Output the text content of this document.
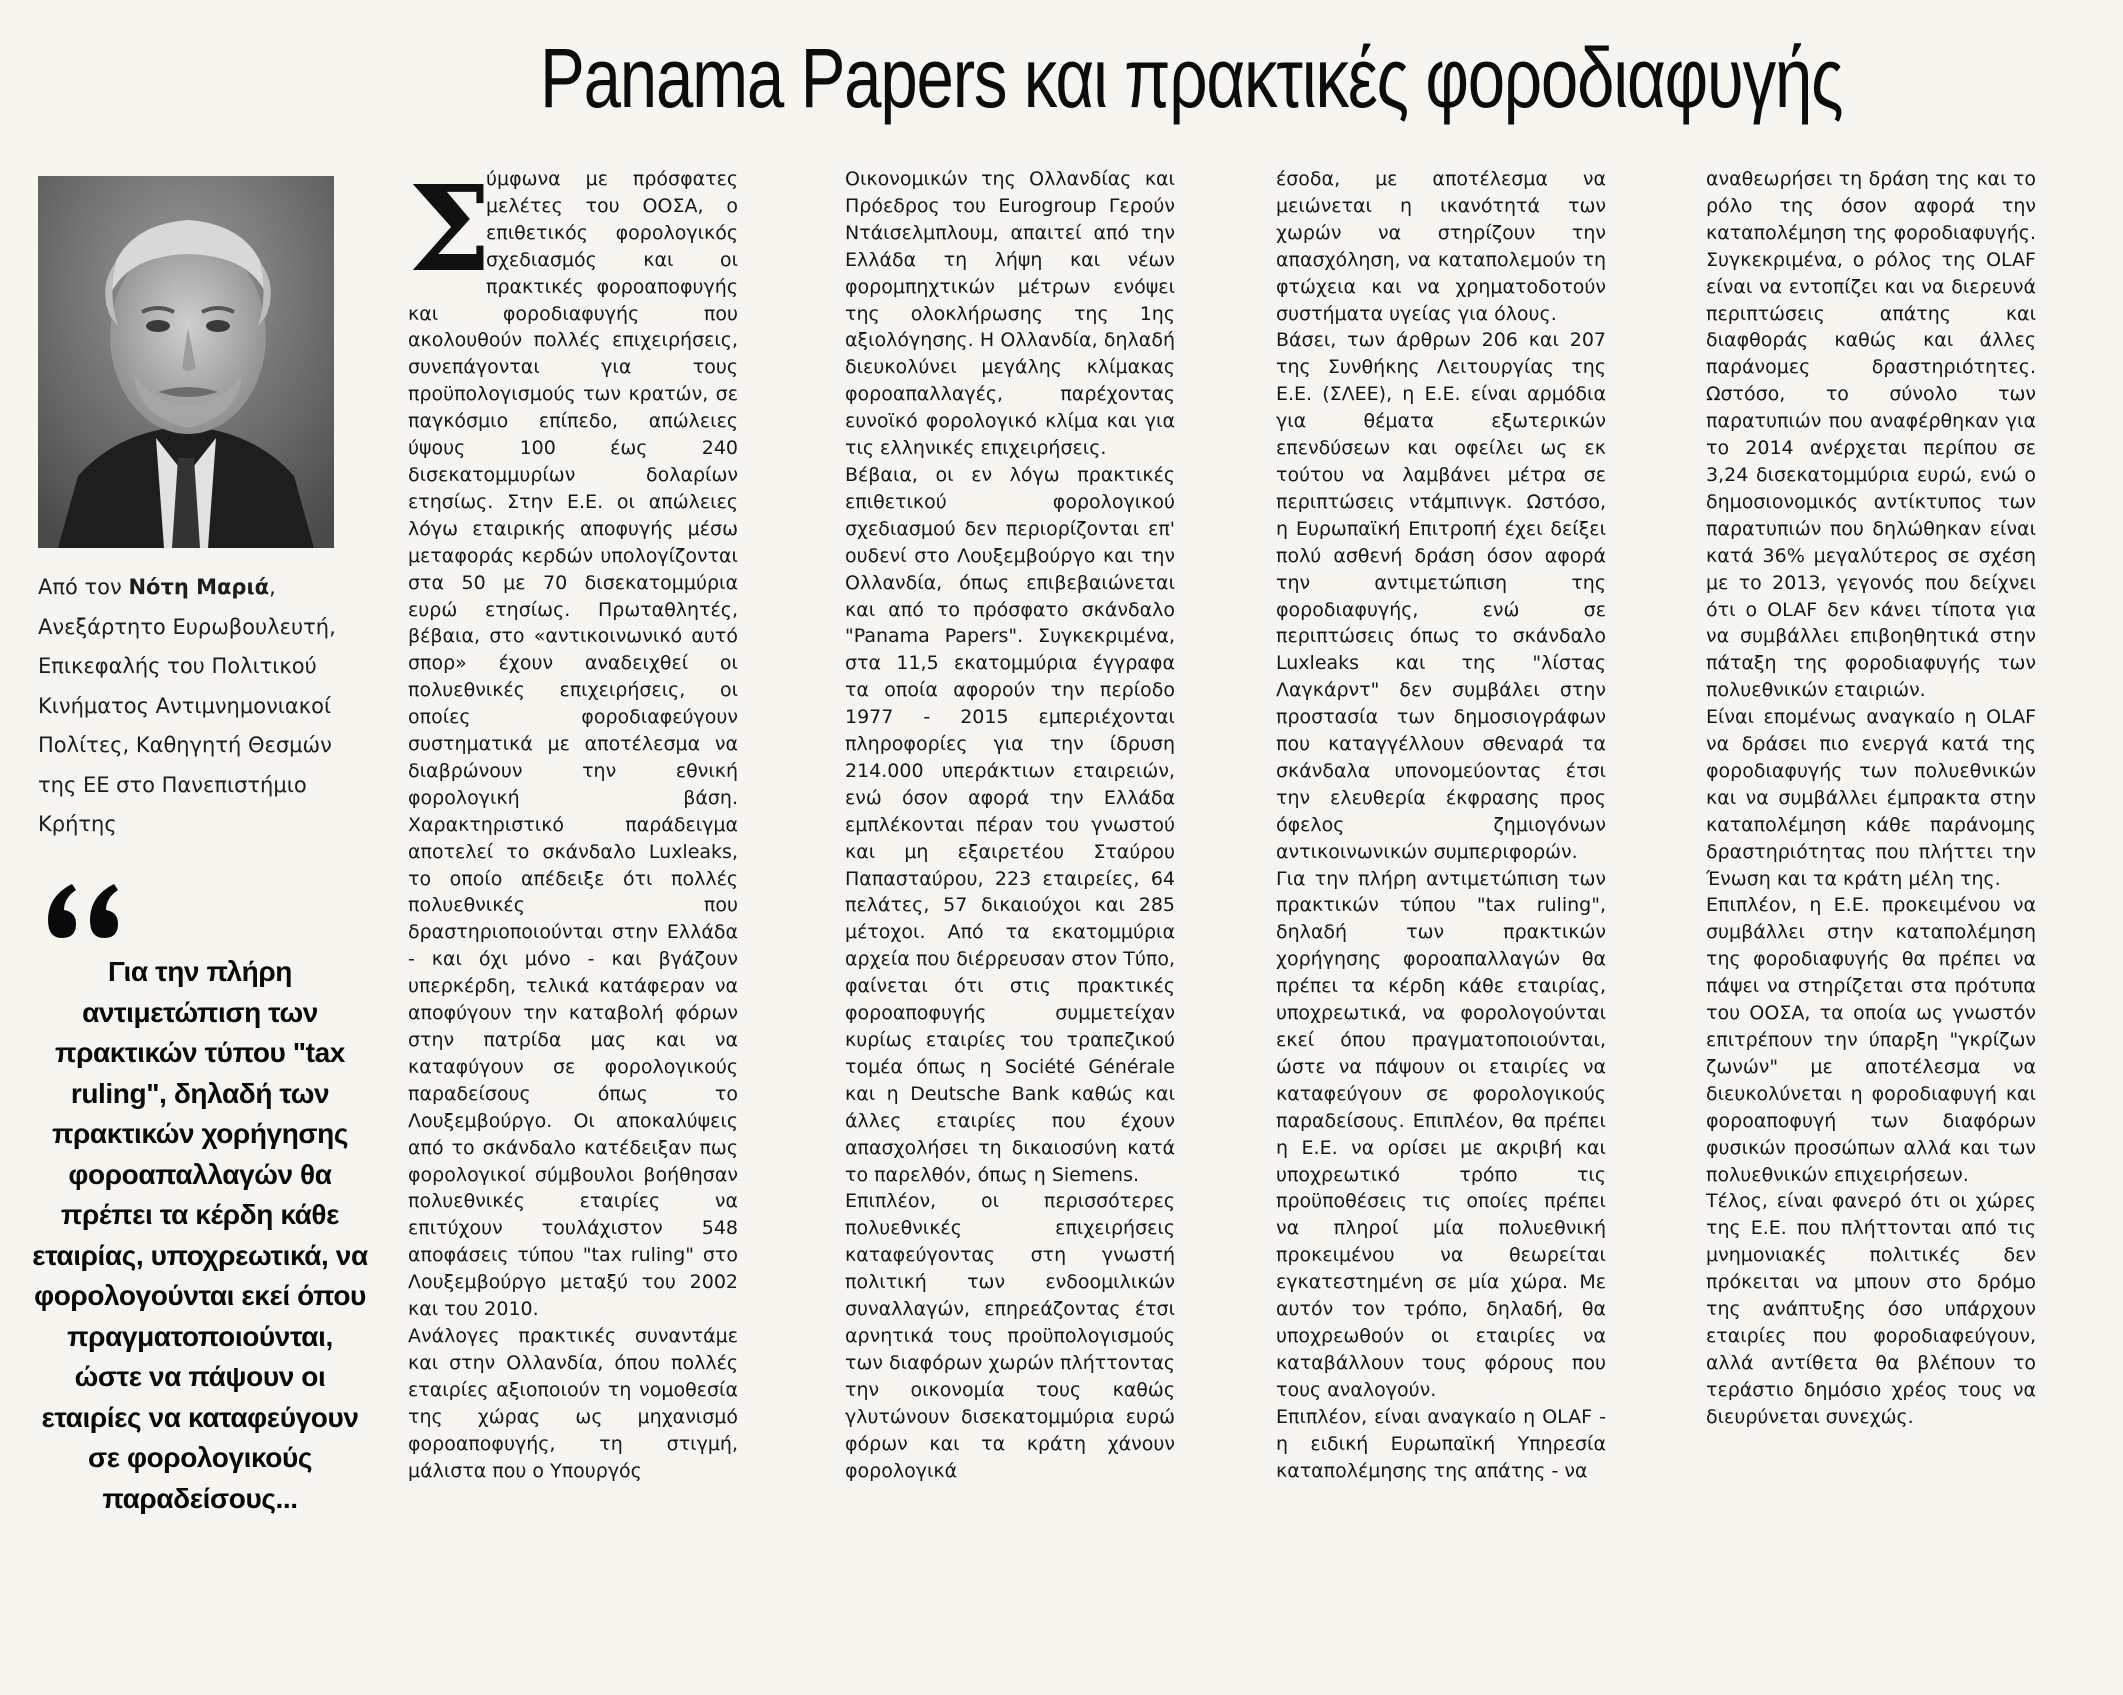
Panama Papers και πρακτικές φοροδιαφυγής
Από τον Νότη Μαριά, Ανεξάρτητο Ευρωβουλευτή, Επικεφαλής του Πολιτικού Κινήματος Αντιμνημονιακοί Πολίτες, Καθηγητή Θεσμών της ΕΕ στο Πανεπιστήμιο Κρήτης
Για την πλήρη αντιμετώπιση των πρακτικών τύπου "tax ruling", δηλαδή των πρακτικών χορήγησης φοροαπαλλαγών θα πρέπει τα κέρδη κάθε εταιρίας, υποχρεωτικά, να φορολογούνται εκεί όπου πραγματοποιούνται, ώστε να πάψουν οι εταιρίες να καταφεύγουν σε φορολογικούς παραδείσους...
Σ

ύμφωνα με πρόσφατες μελέτες του ΟΟΣΑ, ο επιθετικός φορολογικός σχεδιασμός και οι πρακτικές φοροαποφυγής και φοροδιαφυγής που ακολουθούν πολλές επιχειρήσεις, συνεπάγονται για τους προϋπολογισμούς των κρατών, σε παγκόσμιο επίπεδο, απώλειες ύψους 100 έως 240 δισεκατομμυρίων δολαρίων ετησίως. Στην Ε.Ε. οι απώλειες λόγω εταιρικής αποφυγής μέσω μεταφοράς κερδών υπολογίζονται στα 50 με 70 δισεκατομμύρια ευρώ ετησίως. Πρωταθλητές, βέβαια, στο «αντικοινωνικό αυτό σπορ» έχουν αναδειχθεί οι πολυεθνικές επιχειρήσεις, οι οποίες φοροδιαφεύγουν συστηματικά με αποτέλεσμα να διαβρώνουν την εθνική φορολογική βάση. Χαρακτηριστικό παράδειγμα αποτελεί το σκάνδαλο Luxleaks, το οποίο απέδειξε ότι πολλές πολυεθνικές που δραστηριοποιούνται στην Ελλάδα - και όχι μόνο - και βγάζουν υπερκέρδη, τελικά κατάφεραν να αποφύγουν την καταβολή φόρων στην πατρίδα μας και να καταφύγουν σε φορολογικούς παραδείσους όπως το Λουξεμβούργο. Οι αποκαλύψεις από το σκάνδαλο κατέδειξαν πως φορολογικοί σύμβουλοι βοήθησαν πολυεθνικές εταιρίες να επιτύχουν τουλάχιστον 548 αποφάσεις τύπου "tax ruling" στο Λουξεμβούργο μεταξύ του 2002 και του 2010.

Ανάλογες πρακτικές συναντάμε και στην Ολλανδία, όπου πολλές εταιρίες αξιοποιούν τη νομοθεσία της χώρας ως μηχανισμό φοροαποφυγής, τη στιγμή, μάλιστα που ο Υπουργός

Οικονομικών της Ολλανδίας και Πρόεδρος του Eurogroup Γερούν Ντάισελμπλουμ, απαιτεί από την Ελλάδα τη λήψη και νέων φορομπηχτικών μέτρων ενόψει της ολοκλήρωσης της 1ης αξιολόγησης. Η Ολλανδία, δηλαδή διευκολύνει μεγάλης κλίμακας φοροαπαλλαγές, παρέχοντας ευνοϊκό φορολογικό κλίμα και για τις ελληνικές επιχειρήσεις.

Βέβαια, οι εν λόγω πρακτικές επιθετικού φορολογικού σχεδιασμού δεν περιορίζονται επ' ουδενί στο Λουξεμβούργο και την Ολλανδία, όπως επιβεβαιώνεται και από το πρόσφατο σκάνδαλο "Panama Papers". Συγκεκριμένα, στα 11,5 εκατομμύρια έγγραφα τα οποία αφορούν την περίοδο 1977 - 2015 εμπεριέχονται πληροφορίες για την ίδρυση 214.000 υπεράκτιων εταιρειών, ενώ όσον αφορά την Ελλάδα εμπλέκονται πέραν του γνωστού και μη εξαιρετέου Σταύρου Παπασταύρου, 223 εταιρείες, 64 πελάτες, 57 δικαιούχοι και 285 μέτοχοι. Από τα εκατομμύρια αρχεία που διέρρευσαν στον Τύπο, φαίνεται ότι στις πρακτικές φοροαποφυγής συμμετείχαν κυρίως εταιρίες του τραπεζικού τομέα όπως η Société Générale και η Deutsche Bank καθώς και άλλες εταιρίες που έχουν απασχολήσει τη δικαιοσύνη κατά το παρελθόν, όπως η Siemens.

Επιπλέον, οι περισσότερες πολυεθνικές επιχειρήσεις καταφεύγοντας στη γνωστή πολιτική των ενδοομιλικών συναλλαγών, επηρεάζοντας έτσι αρνητικά τους προϋπολογισμούς των διαφόρων χωρών πλήττοντας την οικονομία τους καθώς γλυτώνουν δισεκατομμύρια ευρώ φόρων και τα κράτη χάνουν φορολογικά

έσοδα, με αποτέλεσμα να μειώνεται η ικανότητά των χωρών να στηρίζουν την απασχόληση, να καταπολεμούν τη φτώχεια και να χρηματοδοτούν συστήματα υγείας για όλους.

Βάσει, των άρθρων 206 και 207 της Συνθήκης Λειτουργίας της Ε.Ε. (ΣΛΕΕ), η Ε.Ε. είναι αρμόδια για θέματα εξωτερικών επενδύσεων και οφείλει ως εκ τούτου να λαμβάνει μέτρα σε περιπτώσεις ντάμπινγκ. Ωστόσο, η Ευρωπαϊκή Επιτροπή έχει δείξει πολύ ασθενή δράση όσον αφορά την αντιμετώπιση της φοροδιαφυγής, ενώ σε περιπτώσεις όπως το σκάνδαλο Luxleaks και της "λίστας Λαγκάρντ" δεν συμβάλει στην προστασία των δημοσιογράφων που καταγγέλλουν σθεναρά τα σκάνδαλα υπονομεύοντας έτσι την ελευθερία έκφρασης προς όφελος ζημιογόνων αντικοινωνικών συμπεριφορών.

Για την πλήρη αντιμετώπιση των πρακτικών τύπου "tax ruling", δηλαδή των πρακτικών χορήγησης φοροαπαλλαγών θα πρέπει τα κέρδη κάθε εταιρίας, υποχρεωτικά, να φορολογούνται εκεί όπου πραγματοποιούνται, ώστε να πάψουν οι εταιρίες να καταφεύγουν σε φορολογικούς παραδείσους. Επιπλέον, θα πρέπει η Ε.Ε. να ορίσει με ακριβή και υποχρεωτικό τρόπο τις προϋποθέσεις τις οποίες πρέπει να πληροί μία πολυεθνική προκειμένου να θεωρείται εγκατεστημένη σε μία χώρα. Με αυτόν τον τρόπο, δηλαδή, θα υποχρεωθούν οι εταιρίες να καταβάλλουν τους φόρους που τους αναλογούν.

Επιπλέον, είναι αναγκαίο η OLAF - η ειδική Ευρωπαϊκή Υπηρεσία καταπολέμησης της απάτης - να

αναθεωρήσει τη δράση της και το ρόλο της όσον αφορά την καταπολέμηση της φοροδιαφυγής. Συγκεκριμένα, ο ρόλος της OLAF είναι να εντοπίζει και να διερευνά περιπτώσεις απάτης και διαφθοράς καθώς και άλλες παράνομες δραστηριότητες. Ωστόσο, το σύνολο των παρατυπιών που αναφέρθηκαν για το 2014 ανέρχεται περίπου σε 3,24 δισεκατομμύρια ευρώ, ενώ ο δημοσιονομικός αντίκτυπος των παρατυπιών που δηλώθηκαν είναι κατά 36% μεγαλύτερος σε σχέση με το 2013, γεγονός που δείχνει ότι ο OLAF δεν κάνει τίποτα για να συμβάλλει επιβοηθητικά στην πάταξη της φοροδιαφυγής των πολυεθνικών εταιριών.

Είναι επομένως αναγκαίο η OLAF να δράσει πιο ενεργά κατά της φοροδιαφυγής των πολυεθνικών και να συμβάλλει έμπρακτα στην καταπολέμηση κάθε παράνομης δραστηριότητας που πλήττει την Ένωση και τα κράτη μέλη της.

Επιπλέον, η Ε.Ε. προκειμένου να συμβάλλει στην καταπολέμηση της φοροδιαφυγής θα πρέπει να πάψει να στηρίζεται στα πρότυπα του ΟΟΣΑ, τα οποία ως γνωστόν επιτρέπουν την ύπαρξη "γκρίζων ζωνών" με αποτέλεσμα να διευκολύνεται η φοροδιαφυγή και φοροαποφυγή των διαφόρων φυσικών προσώπων αλλά και των πολυεθνικών επιχειρήσεων.

Τέλος, είναι φανερό ότι οι χώρες της Ε.Ε. που πλήττονται από τις μνημονιακές πολιτικές δεν πρόκειται να μπουν στο δρόμο της ανάπτυξης όσο υπάρχουν εταιρίες που φοροδιαφεύγουν, αλλά αντίθετα θα βλέπουν το τεράστιο δημόσιο χρέος τους να διευρύνεται συνεχώς.
